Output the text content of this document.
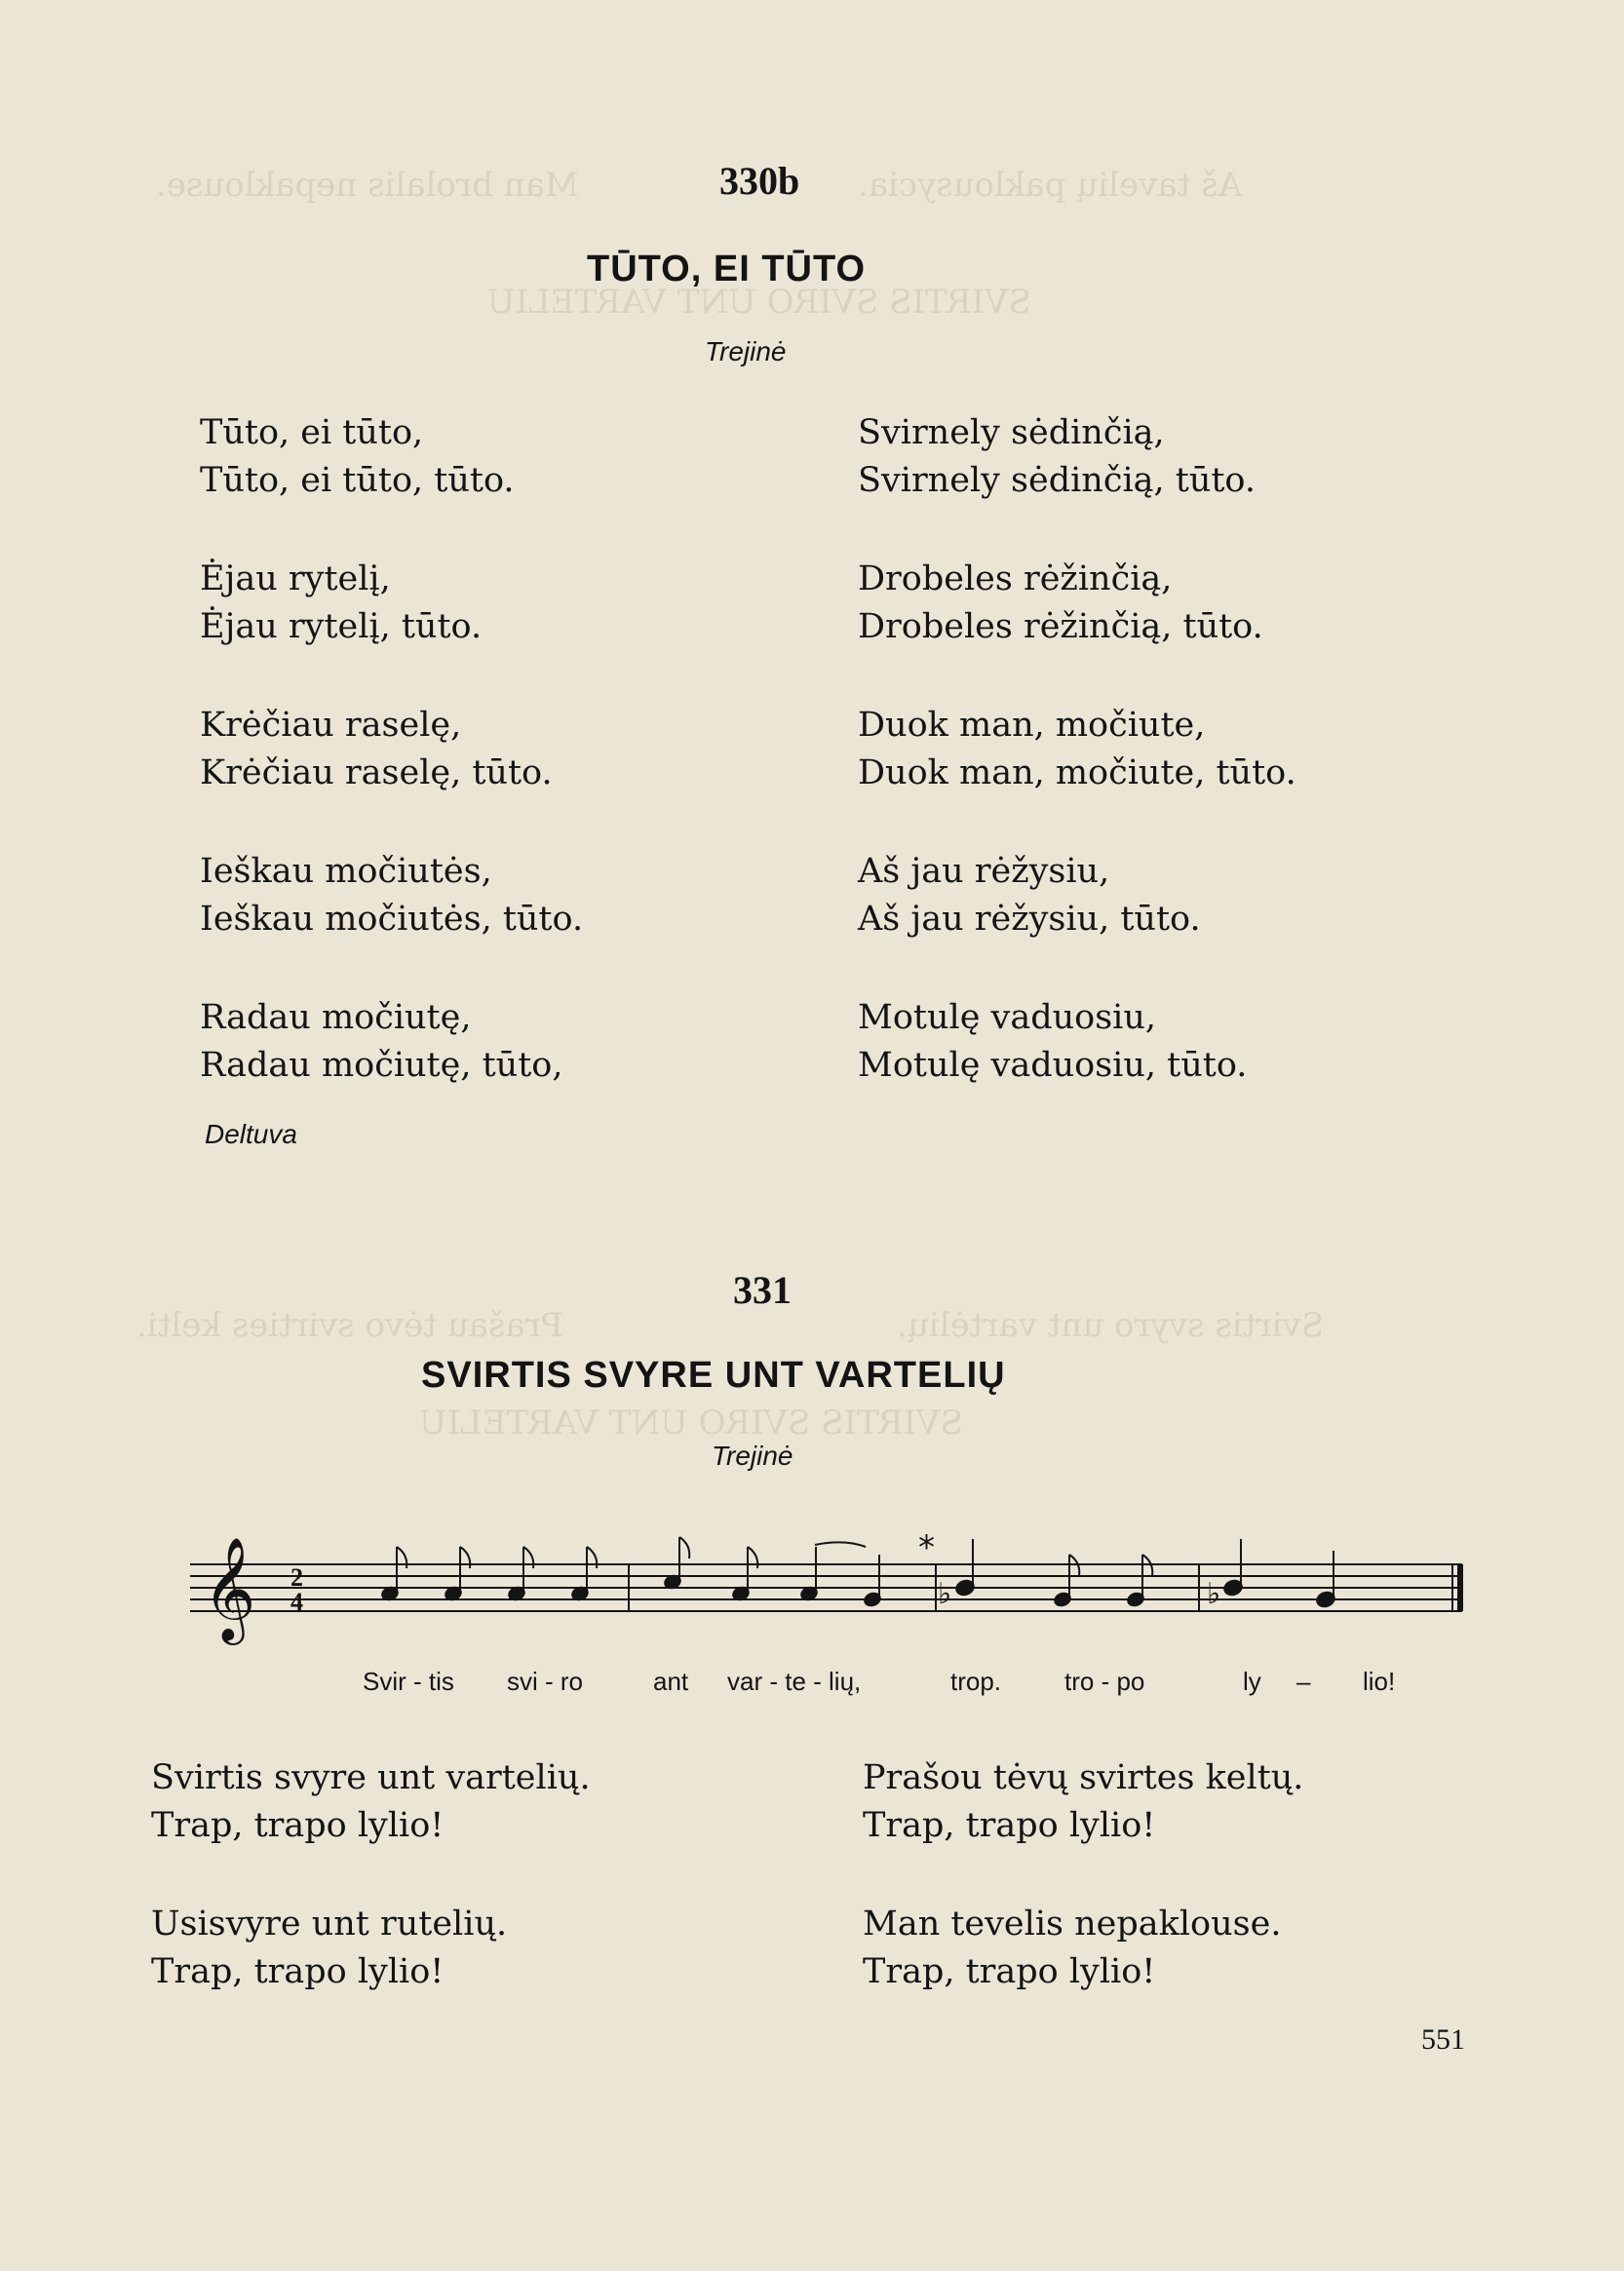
Aš tavelių paklousycia.
Man brolalis nepaklouse.
SVIRTIS SVIRO UNT VARTELIU
Svirtis svyro unt vartėlių.
Prašau tėvo svirties kelti.
SVIRTIS SVIRO UNT VARTELIU
330b
TŪTO, EI TŪTO
Trejinė
Tūto, ei tūto,
Tūto, ei tūto, tūto.
Ėjau rytelį,
Ėjau rytelį, tūto.
Krėčiau raselę,
Krėčiau raselę, tūto.
Ieškau močiutės,
Ieškau močiutės, tūto.
Radau močiutę,
Radau močiutę, tūto,
Svirnely sėdinčią,
Svirnely sėdinčią, tūto.
Drobeles rėžinčią,
Drobeles rėžinčią, tūto.
Duok man, močiute,
Duok man, močiute, tūto.
Aš jau rėžysiu,
Aš jau rėžysiu, tūto.
Motulę vaduosiu,
Motulę vaduosiu, tūto.
Deltuva
331
SVIRTIS SVYRE UNT VARTELIŲ
Trejinė
𝄞 2
4
*
♭	♭
Svir - tis svi - ro	ant var - te - lių,	trop. tro - po	ly – lio!
Svirtis svyre unt vartelių.
Trap, trapo lylio!
Usisvyre unt rutelių.
Trap, trapo lylio!
Prašou tėvų svirtes keltų.
Trap, trapo lylio!
Man tevelis nepaklouse.
Trap, trapo lylio!
551
